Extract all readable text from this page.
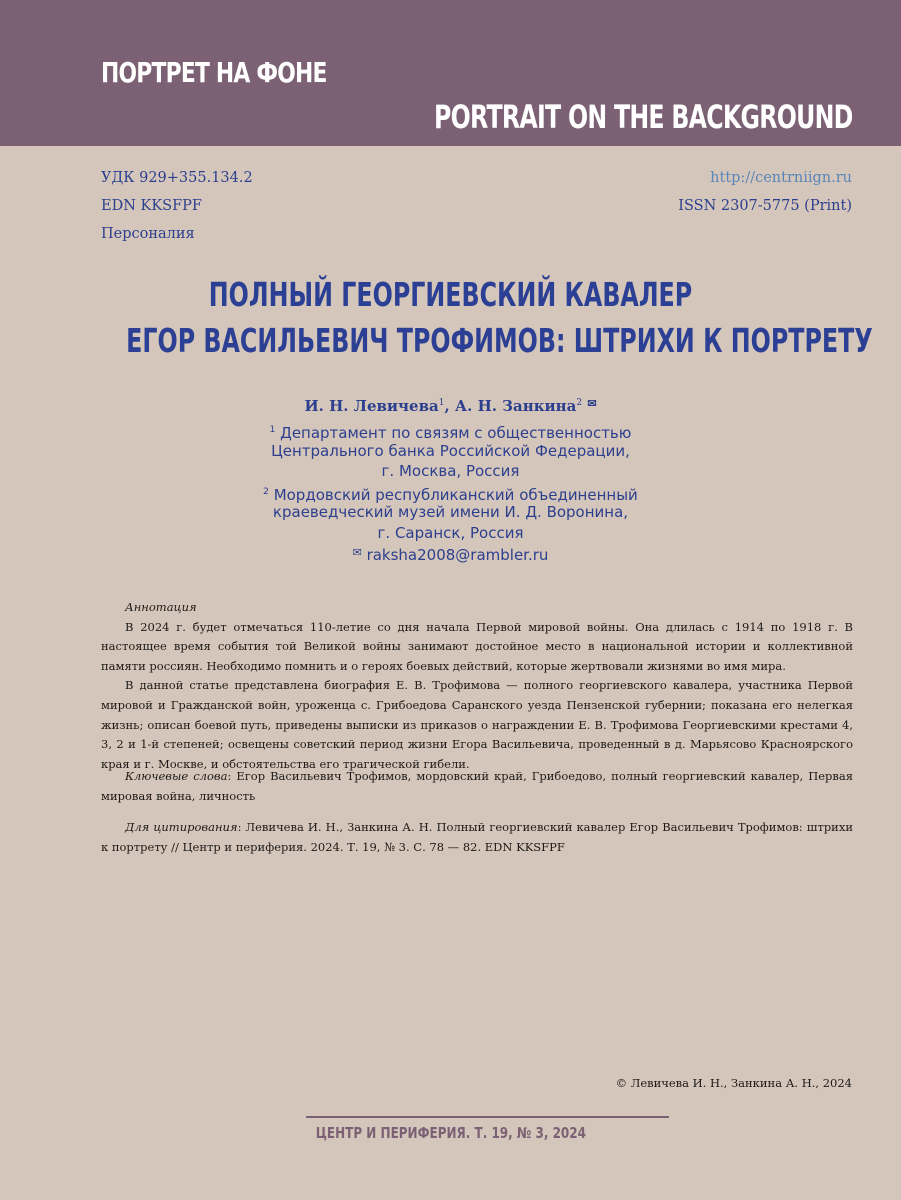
ПОРТРЕТ НА ФОНЕ
PORTRAIT ON THE BACKGROUND
УДК 929+355.134.2
EDN KKSFPF
Персоналия
http://centrniign.ru
ISSN 2307-5775 (Print)
ПОЛНЫЙ ГЕОРГИЕВСКИЙ КАВАЛЕР
ЕГОР ВАСИЛЬЕВИЧ ТРОФИМОВ: ШТРИХИ К ПОРТРЕТУ
И. Н. Левичева$^1$, А. Н. Занкина$^2$ ✉
$^1$ Департамент по связям с общественностью
Центрального банка Российской Федерации,
г. Москва, Россия
$^2$ Мордовский республиканский объединенный
краеведческий музей имени И. Д. Воронина,
г. Саранск, Россия
✉ raksha2008@rambler.ru
Аннотация

В 2024 г. будет отмечаться 110-летие со дня начала Первой мировой войны. Она длилась с 1914 по 1918 г. В настоящее время события той Великой войны занимают достойное место в национальной истории и коллективной памяти россиян. Необходимо помнить и о героях боевых действий, которые жертвовали жизнями во имя мира.

В данной статье представлена биография Е. В. Трофимова — полного георгиевского кавалера, участника Первой мировой и Гражданской войн, уроженца с. Грибоедова Саранского уезда Пензенской губернии; показана его нелегкая жизнь; описан боевой путь, приведены выписки из приказов о награждении Е. В. Трофимова Георгиевскими крестами 4, 3, 2 и 1-й степеней; освещены советский период жизни Егора Васильевича, проведенный в д. Марьясово Красноярского края и г. Москве, и обстоятельства его трагической гибели.

Ключевые слова: Егор Васильевич Трофимов, мордовский край, Грибоедово, полный георгиевский кавалер, Первая мировая война, личность
Для цитирования: Левичева И. Н., Занкина А. Н. Полный георгиевский кавалер Егор Васильевич Трофимов: штрихи к портрету // Центр и периферия. 2024. Т. 19, № 3. С. 78 — 82. EDN KKSFPF
© Левичева И. Н., Занкина А. Н., 2024
ЦЕНТР И ПЕРИФЕРИЯ. Т. 19, № 3, 2024
